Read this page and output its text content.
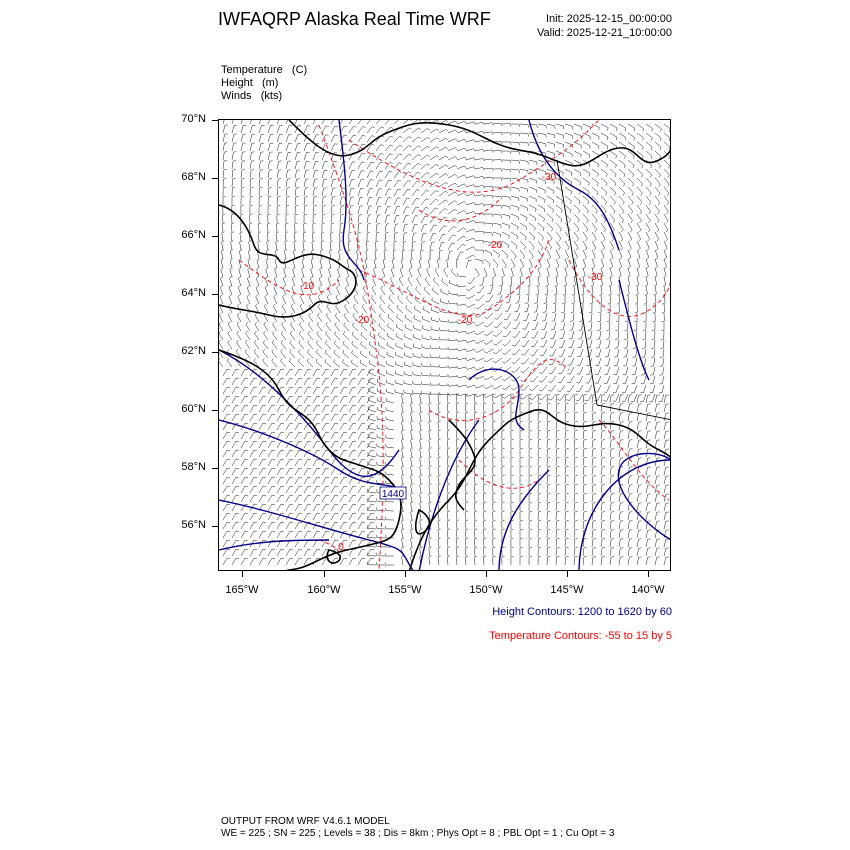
IWFAQRP Alaska Real Time WRF	Init: 2025-12-15_00:00:00
Valid: 2025-12-21_10:00:00
Temperature   (C)
Height   (m)
Winds   (kts)
70°N
68°N
66°N
64°N
62°N
60°N
58°N
56°N
1440
-20
-30
-10
-20	-20
-30
0
165°W	160°W	155°W	150°W	145°W	140°W
Height Contours: 1200 to 1620 by 60
Temperature Contours: -55 to 15 by 5
OUTPUT FROM WRF V4.6.1 MODEL
WE = 225 ; SN = 225 ; Levels = 38 ; Dis = 8km ; Phys Opt = 8 ; PBL Opt = 1 ; Cu Opt = 3
